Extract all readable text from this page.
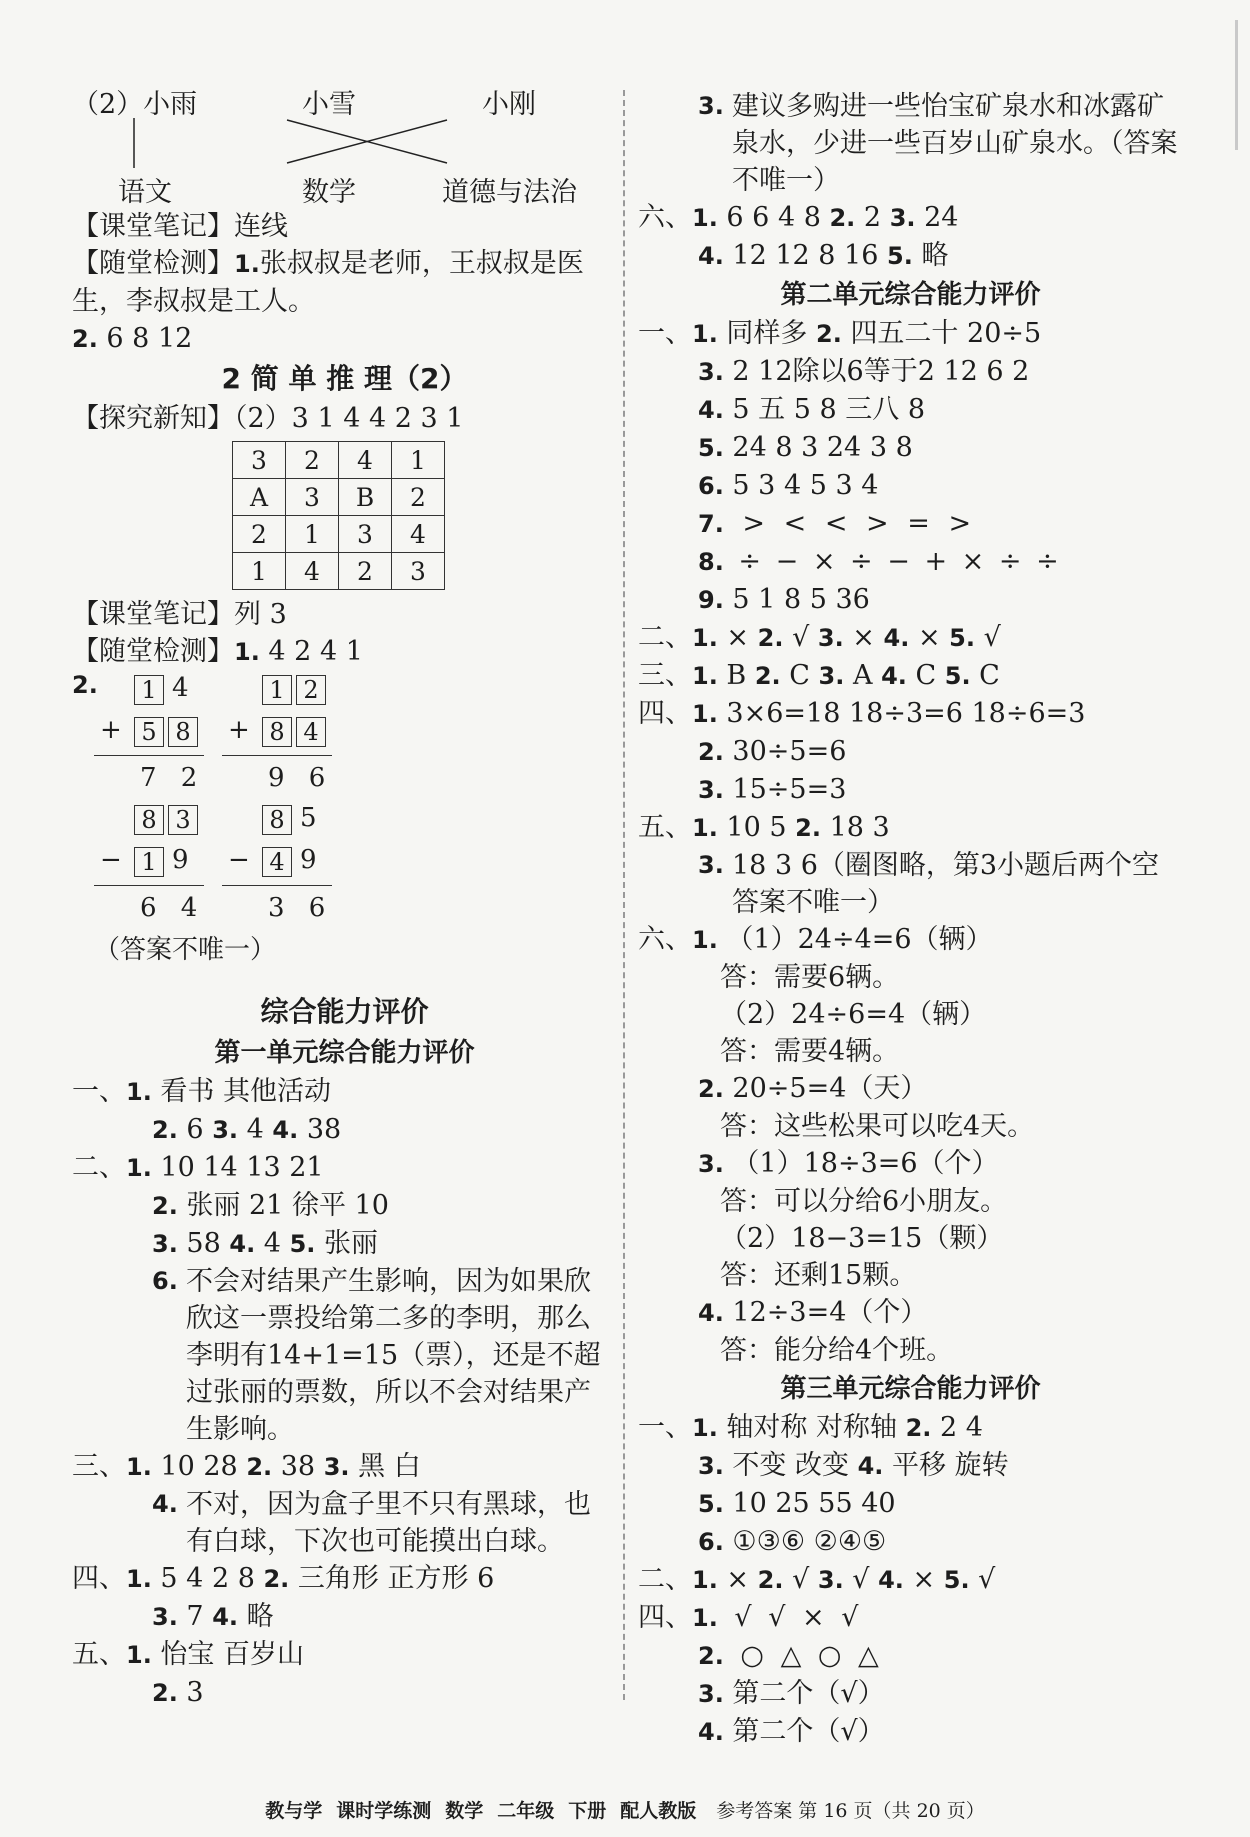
（2）小雨	小雪	小刚
语文	数学	道德与法治
【课堂笔记】连线
【随堂检测】1.张叔叔是老师，王叔叔是医生，李叔叔是工人。
2. 6 8 12
2 简 单 推 理（2）
【探究新知】（2）3 1 4 4 2 3 1
3	2	4	1
A	3	B	2
2	1	3	4
1	4	2	3
【课堂笔记】列 3
【随堂检测】1. 4 2 4 1
2.	1 4
+ 5 8
7 2
1 2
+ 8 4
9 6
8 3
− 1 9
6 4
8 5
− 4 9
3 6
（答案不唯一）
综合能力评价
第一单元综合能力评价
一、1. 看书 其他活动
2. 6 3. 4 4. 38
二、1. 10 14 13 21
2. 张丽 21 徐平 10
3. 58 4. 4 5. 张丽
6. 不会对结果产生影响，因为如果欣欣这一票投给第二多的李明，那么李明有14+1=15（票），还是不超过张丽的票数，所以不会对结果产生影响。
三、1. 10 28 2. 38 3. 黑 白
4. 不对，因为盒子里不只有黑球，也有白球，下次也可能摸出白球。
四、1. 5 4 2 8 2. 三角形 正方形 6
3. 7 4. 略
五、1. 怡宝 百岁山
2. 3
3. 建议多购进一些怡宝矿泉水和冰露矿泉水，少进一些百岁山矿泉水。（答案不唯一）
六、1. 6 6 4 8 2. 2 3. 24
4. 12 12 8 16 5. 略
第二单元综合能力评价
一、1. 同样多 2. 四五二十 20÷5
3. 2 12除以6等于2 12 6 2
4. 5 五 5 8 三八 8
5. 24 8 3 24 3 8
6. 5 3 4 5 3 4
7. > < < > = >
8. ÷ − × ÷ − + × ÷ ÷
9. 5 1 8 5 36
二、1. × 2. √ 3. × 4. × 5. √
三、1. B 2. C 3. A 4. C 5. C
四、1. 3×6=18 18÷3=6 18÷6=3
2. 30÷5=6
3. 15÷5=3
五、1. 10 5 2. 18 3
3. 18 3 6（圈图略，第3小题后两个空答案不唯一）
六、1. （1）24÷4=6（辆）
答：需要6辆。
（2）24÷6=4（辆）
答：需要4辆。
2. 20÷5=4（天）
答：这些松果可以吃4天。
3. （1）18÷3=6（个）
答：可以分给6小朋友。
（2）18−3=15（颗）
答：还剩15颗。
4. 12÷3=4（个）
答：能分给4个班。
第三单元综合能力评价
一、1. 轴对称 对称轴 2. 2 4
3. 不变 改变 4. 平移 旋转
5. 10 25 55 40
6. ①③⑥ ②④⑤
二、1. × 2. √ 3. √ 4. × 5. √
四、1. √ √ × √
2. ○ △ ○ △
3. 第二个（√）
4. 第二个（√）
教与学 课时学练测 数学 二年级 下册 配人教版 参考答案 第 16 页（共 20 页）
